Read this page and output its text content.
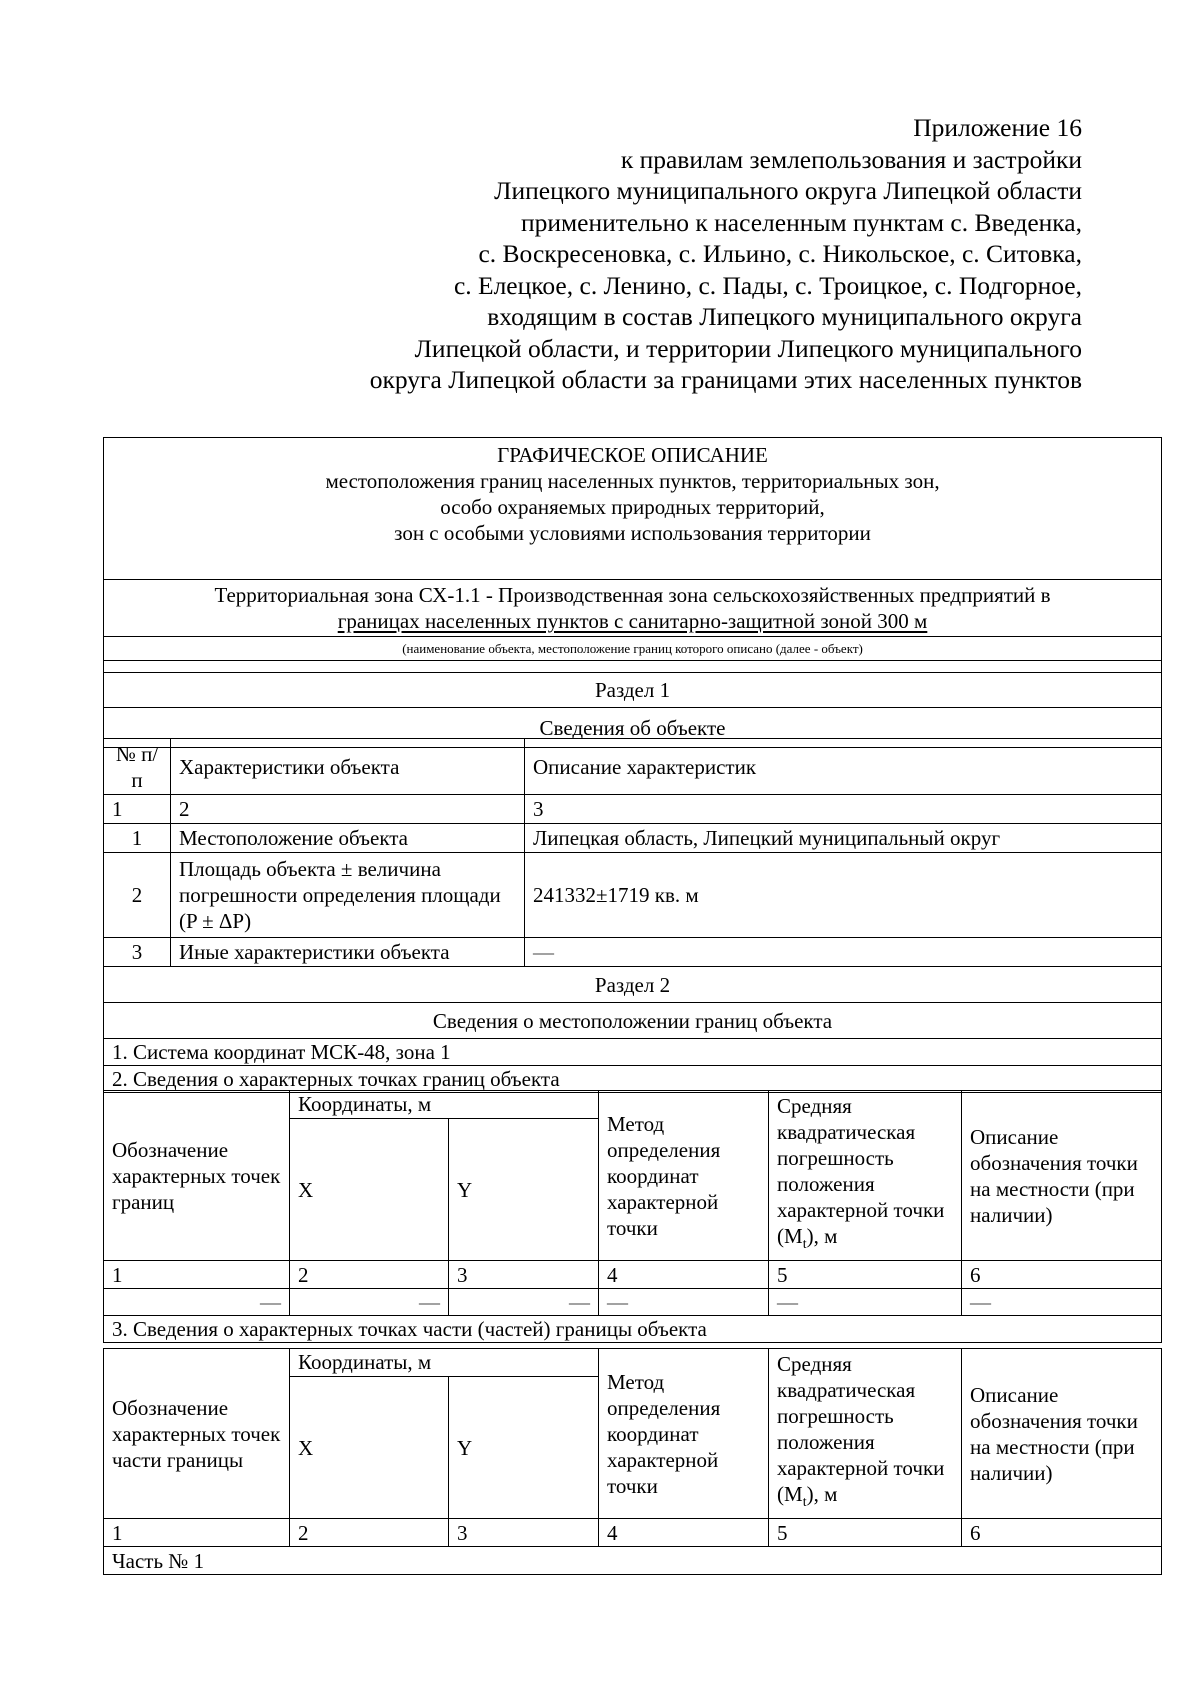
Приложение 16
к правилам землепользования и застройки
Липецкого муниципального округа Липецкой области
применительно к населенным пунктам с. Введенка,
с. Воскресеновка, с. Ильино, с. Никольское, с. Ситовка,
с. Елецкое, с. Ленино, с. Пады, с. Троицкое, с. Подгорное,
входящим в состав Липецкого муниципального округа
Липецкой области, и территории Липецкого муниципального
округа Липецкой области за границами этих населенных пунктов
ГРАФИЧЕСКОЕ ОПИСАНИЕ
местоположения границ населенных пунктов, территориальных зон,
особо охраняемых природных территорий,
зон с особыми условиями использования территории

Территориальная зона СХ-1.1 - Производственная зона сельскохозяйственных предприятий в
границах населенных пунктов с санитарно-защитной зоной 300 м

(наименование объекта, местоположение границ которого описано (далее - объект)

Раздел 1
Сведения об объекте
№ п/п	Характеристики объекта	Описание характеристик
1	2	3
1	Местоположение объекта	Липецкая область, Липецкий муниципальный округ
2	Площадь объекта ± величина погрешности определения площади (P ± ΔP)	241332±1719 кв. м
3	Иные характеристики объекта	—
Раздел 2
Сведения о местоположении границ объекта
1. Система координат МСК-48, зона 1
2. Сведения о характерных точках границ объекта
Обозначение характерных точек границ	Координаты, м		Метод определения координат характерной точки	Средняя квадратическая погрешность положения характерной точки $(M_t)$, м	Описание обозначения точки на местности (при наличии)
	X	Y			
1	2	3	4	5	6
—	—	—	—	—	—
3. Сведения о характерных точках части (частей) границы объекта					
Обозначение характерных точек части границы	Координаты, м		Метод определения координат характерной точки	Средняя квадратическая погрешность положения характерной точки $(M_t)$, м	Описание обозначения точки на местности (при наличии)
	X	Y			
1	2	3	4	5	6
Часть № 1					
